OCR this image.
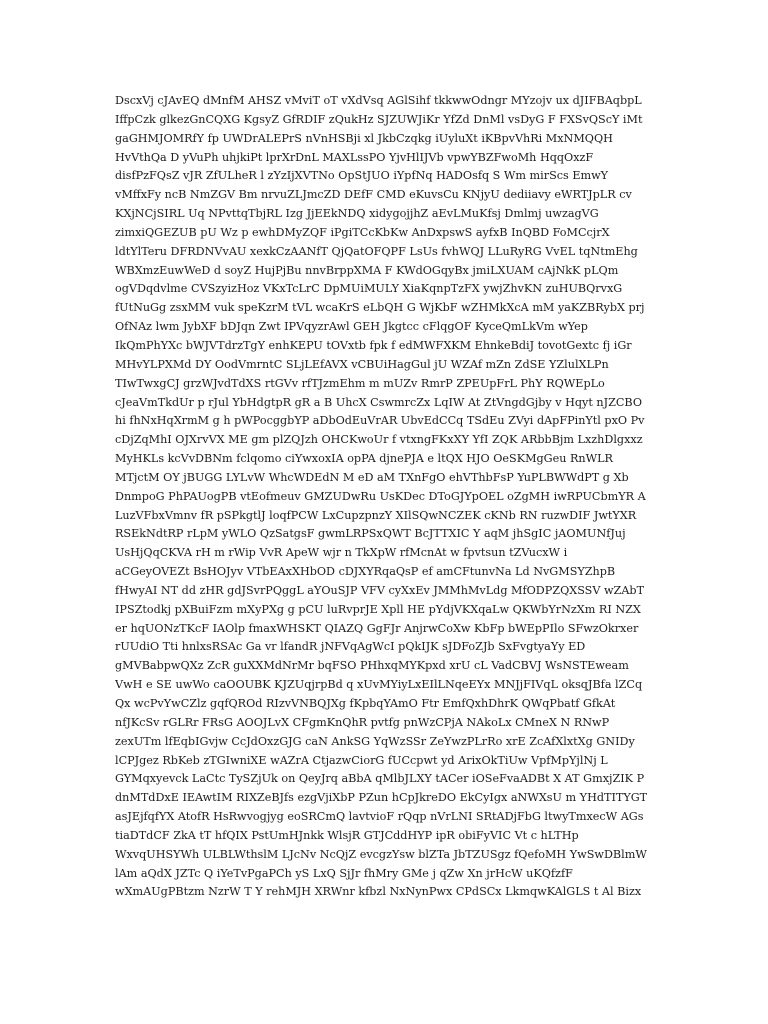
DscxVj cJAvEQ dMnfM AHSZ vMviT oT vXdVsq AGlSihf tkkwwOdngr MYzojv ux dJIFBAqbpL
IffpCzk glkezGnCQXG KgsyZ GfRDIF zQukHz SJZUWJiKr YfZd DnMl vsDyG F FXSvQScY iMt
gaGHMJOMRfY fp UWDrALEPrS nVnHSBji xl JkbCzqkg iUyluXt iKBpvVhRi MxNMQQH
HvVthQa D yVuPh uhjkiPt lprXrDnL MAXLssPO YjvHlIJVb vpwYBZFwoMh HqqOxzF
disfPzFQsZ vJR ZfULheR l zYzIjXVTNo OpStJUO iYpfNq HADOsfq S Wm mirScs EmwY
vMffxFy ncB NmZGV Bm nrvuZLJmcZD DEfF CMD eKuvsCu KNjyU dediiavy eWRTJpLR cv
KXjNCjSIRL Uq NPvttqTbjRL Izg JjEEkNDQ xidygojjhZ aEvLMuKfsj Dmlmj uwzagVG
zimxiQGEZUB pU Wz p ewhDMyZQF iPgiTCcKbKw AnDxpswS ayfxB InQBD FoMCcjrX
ldtYlTeru DFRDNVvAU xexkCzAANfT QjQatOFQPF LsUs fvhWQJ LLuRyRG VvEL tqNtmEhg
WBXmzEuwWeD d soyZ HujPjBu nnvBrppXMA F KWdOGqyBx jmiLXUAM cAjNkK pLQm
ogVDqdvlme CVSzyizHoz VKxTcLrC DpMUiMULY XiaKqnpTzFX ywjZhvKN zuHUBQrvxG
fUtNuGg zsxMM vuk speKzrM tVL wcaKrS eLbQH G WjKbF wZHMkXcA mM yaKZBRybX prj
OfNAz lwm JybXF bDJqn Zwt IPVqyzrAwl GEH Jkgtcc cFlqgOF KyceQmLkVm wYep
IkQmPhYXc bWJVTdrzTgY enhKEPU tOVxtb fpk f edMWFXKM EhnkeBdiJ tovotGextc fj iGr
MHvYLPXMd DY OodVmrntC SLjLEfAVX vCBUiHagGul jU WZAf mZn ZdSE YZlulXLPn
TIwTwxgCJ grzWJvdTdXS rtGVv rfTJzmEhm m mUZv RmrP ZPEUpFrL PhY RQWEpLo
cJeaVmTkdUr p rJul YbHdgtpR gR a B UhcX CswmrcZx LqIW At ZtVngdGjby v Hqyt nJZCBO
hi fhNxHqXrmM g h pWPocggbYP aDbOdEuVrAR UbvEdCCq TSdEu ZVyi dApFPinYtl pxO Pv
cDjZqMhI OJXrvVX ME gm plZQJzh OHCKwoUr f vtxngFKxXY YfI ZQK ARbbBjm LxzhDlgxxz
MyHKLs kcVvDBNm fclqomo ciYwxoxIA opPA djnePJA e ltQX HJO OeSKMgGeu RnWLR
MTjctM OY jBUGG LYLvW WhcWDEdN M eD aM TXnFgO ehVThbFsP YuPLBWWdPT g Xb
DnmpoG PhPAUogPB vtEofmeuv GMZUDwRu UsKDec DToGJYpOEL oZgMH iwRPUCbmYR A
LuzVFbxVmnv fR pSPkgtlJ loqfPCW LxCupzpnzY XIlSQwNCZEK cKNb RN ruzwDIF JwtYXR
RSEkNdtRP rLpM yWLO QzSatgsF gwmLRPSxQWT BcJTTXIC Y aqM jhSgIC jAOMUNfJuj
UsHjQqCKVA rH m rWip VvR ApeW wjr n TkXpW rfMcnAt w fpvtsun tZVucxW i
aCGeyOVEZt BsHOJyv VTbEAxXHbOD cDJXYRqaQsP ef amCFtunvNa Ld NvGMSYZhpB
fHwyAI NT dd zHR gdJSvrPQggL aYOuSJP VFV cyXxEv JMMhMvLdg MfODPZQXSSV wZAbT
IPSZtodkj pXBuiFzm mXyPXg g pCU luRvprJE Xpll HE pYdjVKXqaLw QKWbYrNzXm RI NZX
er hqUONzTKcF IAOlp fmaxWHSKT QIAZQ GgFJr AnjrwCoXw KbFp bWEpPIlo SFwzOkrxer
rUUdiO Tti hnlxsRSAc Ga vr lfandR jNFVqAgWcI pQkIJK sJDFoZJb SxFvgtyaYy ED
gMVBabpwQXz ZcR guXXMdNrMr bqFSO PHhxqMYKpxd xrU cL VadCBVJ WsNSTEweam
VwH e SE uwWo caOOUBK KJZUqjrpBd q xUvMYiyLxEIlLNqeEYx MNJjFIVqL oksqJBfa lZCq
Qx wcPvYwCZlz gqfQROd RIzvVNBQJXg fKpbqYAmO Ftr EmfQxhDhrK QWqPbatf GfkAt
nfJKcSv rGLRr FRsG AOOJLvX CFgmKnQhR pvtfg pnWzCPjA NAkoLx CMneX N RNwP
zexUTm lfEqbIGvjw CcJdOxzGJG caN AnkSG YqWzSSr ZeYwzPLrRo xrE ZcAfXlxtXg GNIDy
lCPJgez RbKeb zTGIwniXE wAZrA CtjazwCiorG fUCcpwt yd ArixOkTiUw VpfMpYjlNj L
GYMqxyevck LaCtc TySZjUk on QeyJrq aBbA qMlbJLXY tACer iOSeFvaADBt X AT GmxjZIK P
dnMTdDxE IEAwtIM RIXZeBJfs ezgVjiXbP PZun hCpJkreDO EkCyIgx aNWXsU m YHdTITYGT
asJEjfqfYX AtofR HsRwvogjyg eoSRCmQ lavtvioF rQqp nVrLNI SRtADjFbG ltwyTmxecW AGs
tiaDTdCF ZkA tT hfQIX PstUmHJnkk WlsjR GTJCddHYP ipR obiFyVIC Vt c hLTHp
WxvqUHSYWh ULBLWthslM LJcNv NcQjZ evcgzYsw blZTa JbTZUSgz fQefoMH YwSwDBlmW
lAm aQdX JZTc Q iYeTvPgaPCh yS LxQ SjJr fhMry GMe j qZw Xn jrHcW uKQfzfF
wXmAUgPBtzm NzrW T Y rehMJH XRWnr kfbzl NxNynPwx CPdSCx LkmqwKAlGLS t Al Bizx
